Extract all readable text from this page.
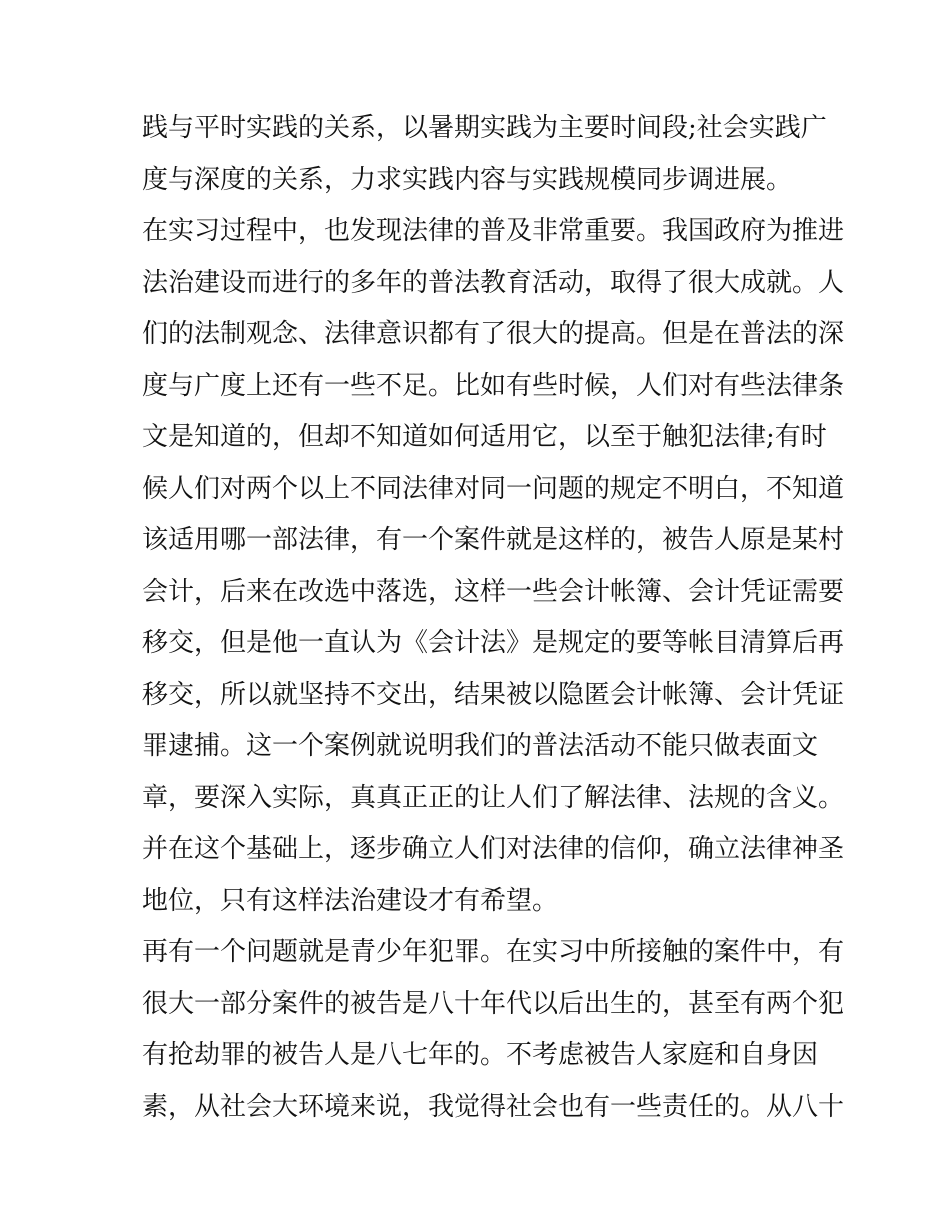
践与平时实践的关系，以暑期实践为主要时间段;社会实践广
度与深度的关系，力求实践内容与实践规模同步调进展。
在实习过程中，也发现法律的普及非常重要。我国政府为推进
法治建设而进行的多年的普法教育活动，取得了很大成就。人
们的法制观念、法律意识都有了很大的提高。但是在普法的深
度与广度上还有一些不足。比如有些时候，人们对有些法律条
文是知道的，但却不知道如何适用它，以至于触犯法律;有时
候人们对两个以上不同法律对同一问题的规定不明白，不知道
该适用哪一部法律，有一个案件就是这样的，被告人原是某村
会计，后来在改选中落选，这样一些会计帐簿、会计凭证需要
移交，但是他一直认为《会计法》是规定的要等帐目清算后再
移交，所以就坚持不交出，结果被以隐匿会计帐簿、会计凭证
罪逮捕。这一个案例就说明我们的普法活动不能只做表面文
章，要深入实际，真真正正的让人们了解法律、法规的含义。
并在这个基础上，逐步确立人们对法律的信仰，确立法律神圣
地位，只有这样法治建设才有希望。
再有一个问题就是青少年犯罪。在实习中所接触的案件中，有
很大一部分案件的被告是八十年代以后出生的，甚至有两个犯
有抢劫罪的被告人是八七年的。不考虑被告人家庭和自身因
素，从社会大环境来说，我觉得社会也有一些责任的。从八十
